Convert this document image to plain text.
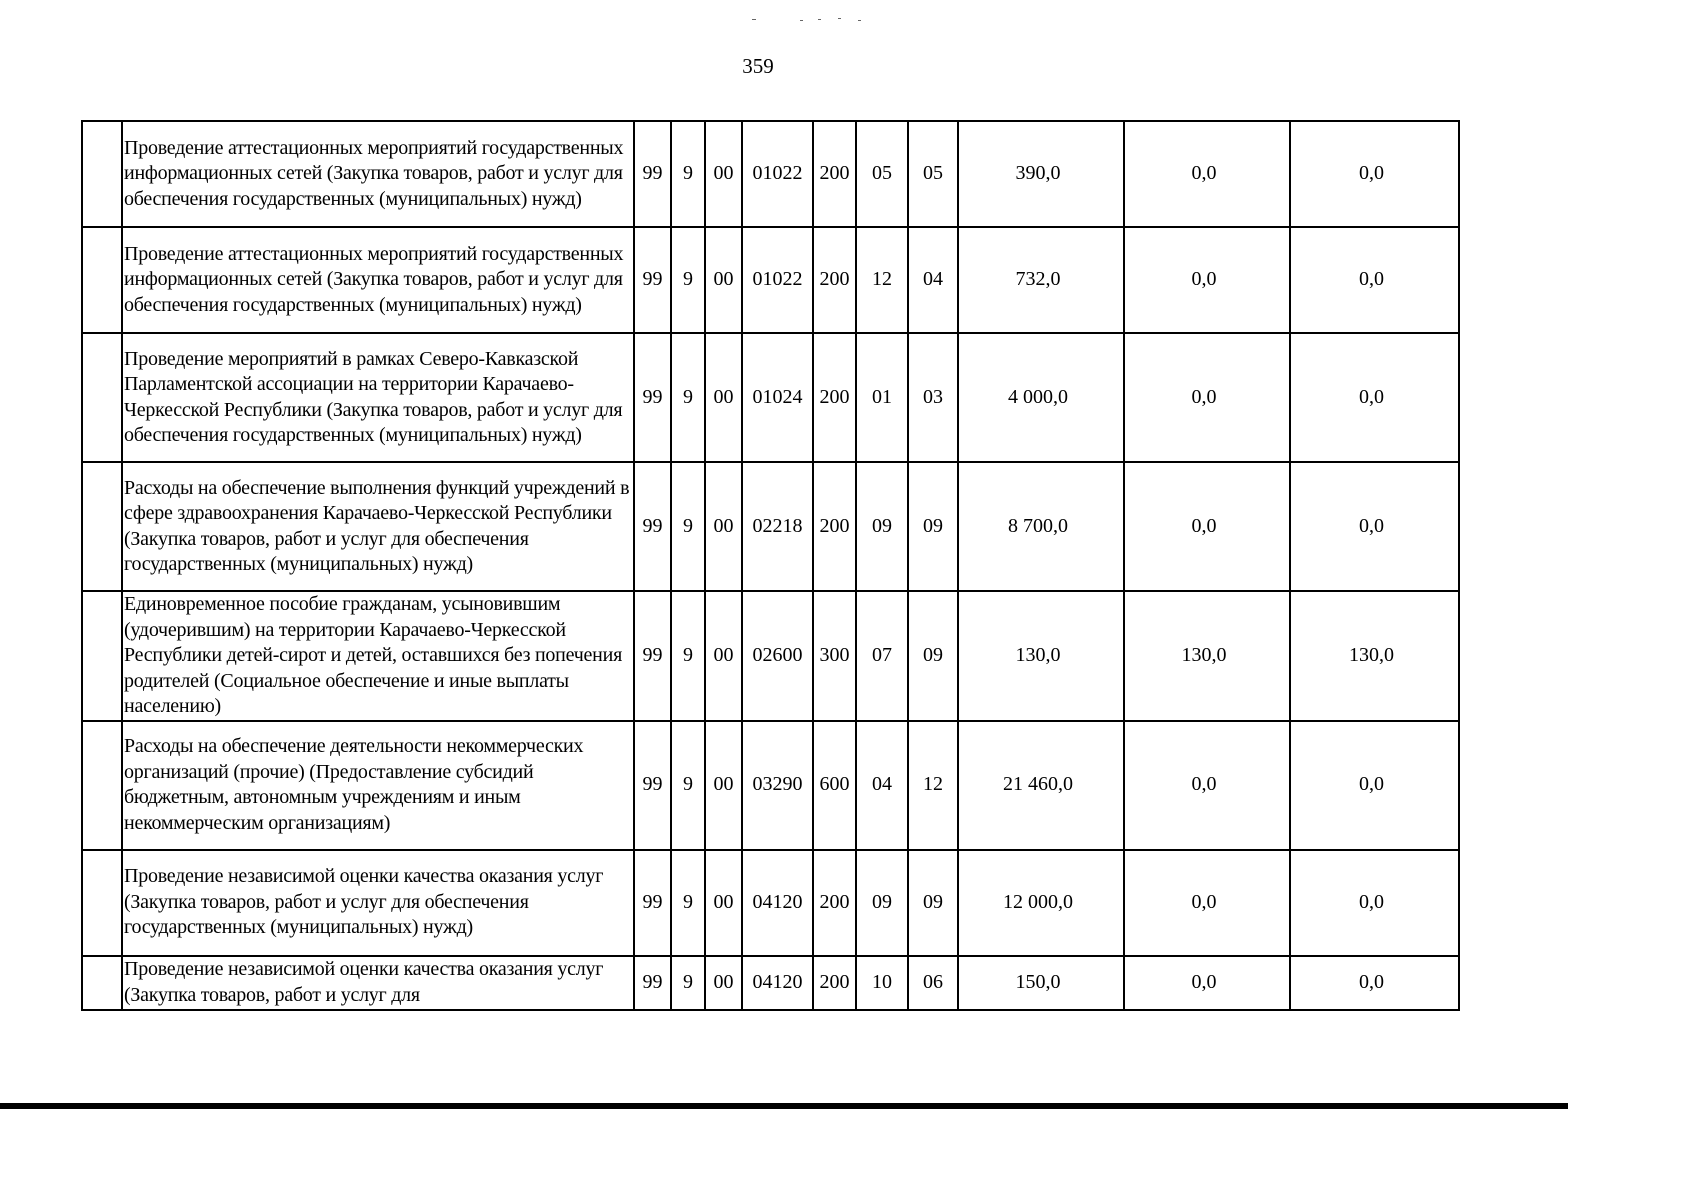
359
	Проведение аттестационных мероприятий государственных информационных сетей (Закупка товаров, работ и услуг для обеспечения государственных (муниципальных) нужд)	99	9	00	01022	200	05	05	390,0	0,0	0,0
	Проведение аттестационных мероприятий государственных информационных сетей (Закупка товаров, работ и услуг для обеспечения государственных (муниципальных) нужд)	99	9	00	01022	200	12	04	732,0	0,0	0,0
	Проведение мероприятий в рамках Северо-Кавказской Парламентской ассоциации на территории Карачаево-Черкесской Республики (Закупка товаров, работ и услуг для обеспечения государственных (муниципальных) нужд)	99	9	00	01024	200	01	03	4 000,0	0,0	0,0
	Расходы на обеспечение выполнения функций учреждений в сфере здравоохранения Карачаево-Черкесской Республики (Закупка товаров, работ и услуг для обеспечения государственных (муниципальных) нужд)	99	9	00	02218	200	09	09	8 700,0	0,0	0,0
	Единовременное пособие гражданам, усыновившим (удочерившим) на территории Карачаево-Черкесской Республики детей-сирот и детей, оставшихся без попечения родителей (Социальное обеспечение и иные выплаты населению)	99	9	00	02600	300	07	09	130,0	130,0	130,0
	Расходы на обеспечение деятельности некоммерческих организаций (прочие) (Предоставление субсидий бюджетным, автономным учреждениям и иным некоммерческим организациям)	99	9	00	03290	600	04	12	21 460,0	0,0	0,0
	Проведение независимой оценки качества оказания услуг (Закупка товаров, работ и услуг для обеспечения государственных (муниципальных) нужд)	99	9	00	04120	200	09	09	12 000,0	0,0	0,0
	Проведение независимой оценки качества оказания услуг (Закупка товаров, работ и услуг для	99	9	00	04120	200	10	06	150,0	0,0	0,0
